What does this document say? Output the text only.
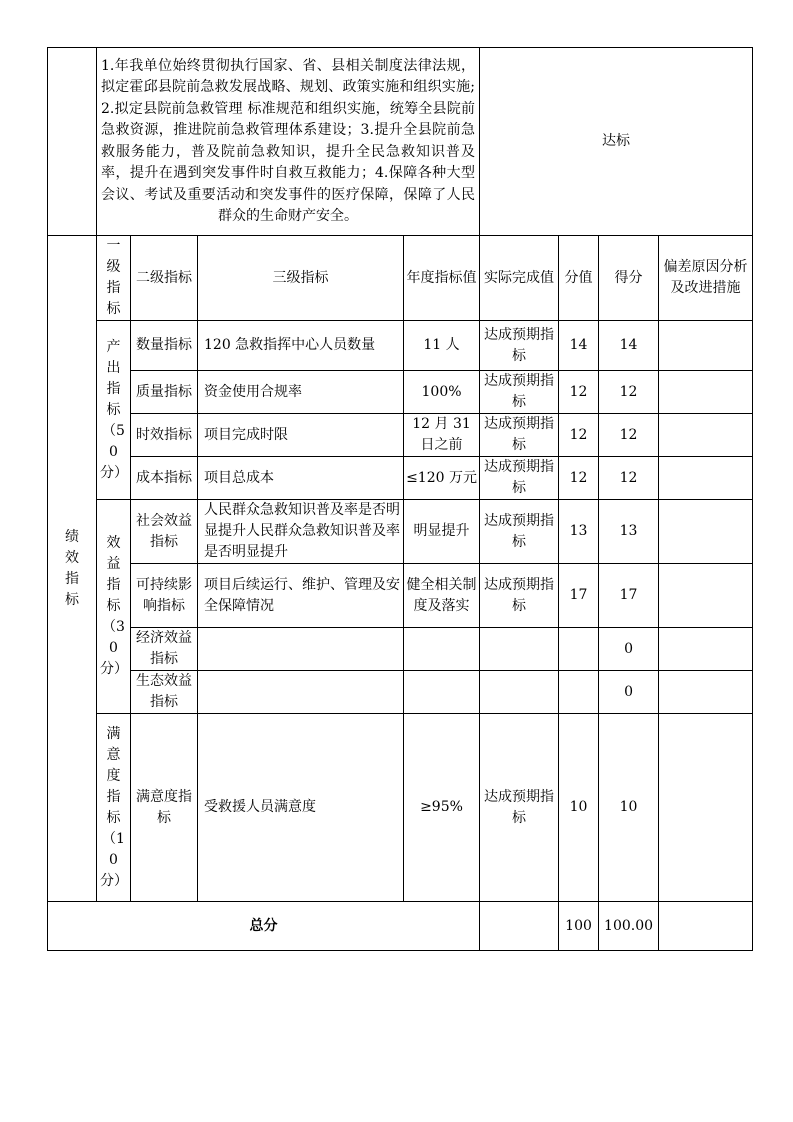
	1.年我单位始终贯彻执行国家、省、县相关制度法律法规，拟定霍邱县院前急救发展战略、规划、政策实施和组织实施;2.拟定县院前急救管理 标准规范和组织实施，统筹全县院前急救资源，推进院前急救管理体系建设；3.提升全县院前急救服务能力，普及院前急救知识，提升全民急救知识普及率，提升在遇到突发事件时自救互救能力；4.保障各种大型会议、考试及重要活动和突发事件的医疗保障，保障了人民群众的生命财产安全。				达标			
绩效指标	一级指标	二级指标	三级指标	年度指标值	实际完成值	分值	得分	偏差原因分析及改进措施
	产出指标（50分）	数量指标	120 急救指挥中心人员数量	11 人	达成预期指标	14	14	
		质量指标	资金使用合规率	100%	达成预期指标	12	12	
		时效指标	项目完成时限	12 月 31 日之前	达成预期指标	12	12	
		成本指标	项目总成本	≤120 万元	达成预期指标	12	12	
	效益指标（30分）	社会效益指标	人民群众急救知识普及率是否明显提升人民群众急救知识普及率是否明显提升	明显提升	达成预期指标	13	13	
		可持续影响指标	项目后续运行、维护、管理及安全保障情况	健全相关制度及落实	达成预期指标	17	17	
		经济效益指标					0	
		生态效益指标					0	
	满意度指标（10分）	满意度指标	受救援人员满意度	≥95%	达成预期指标	10	10	
总分						100	100.00	
